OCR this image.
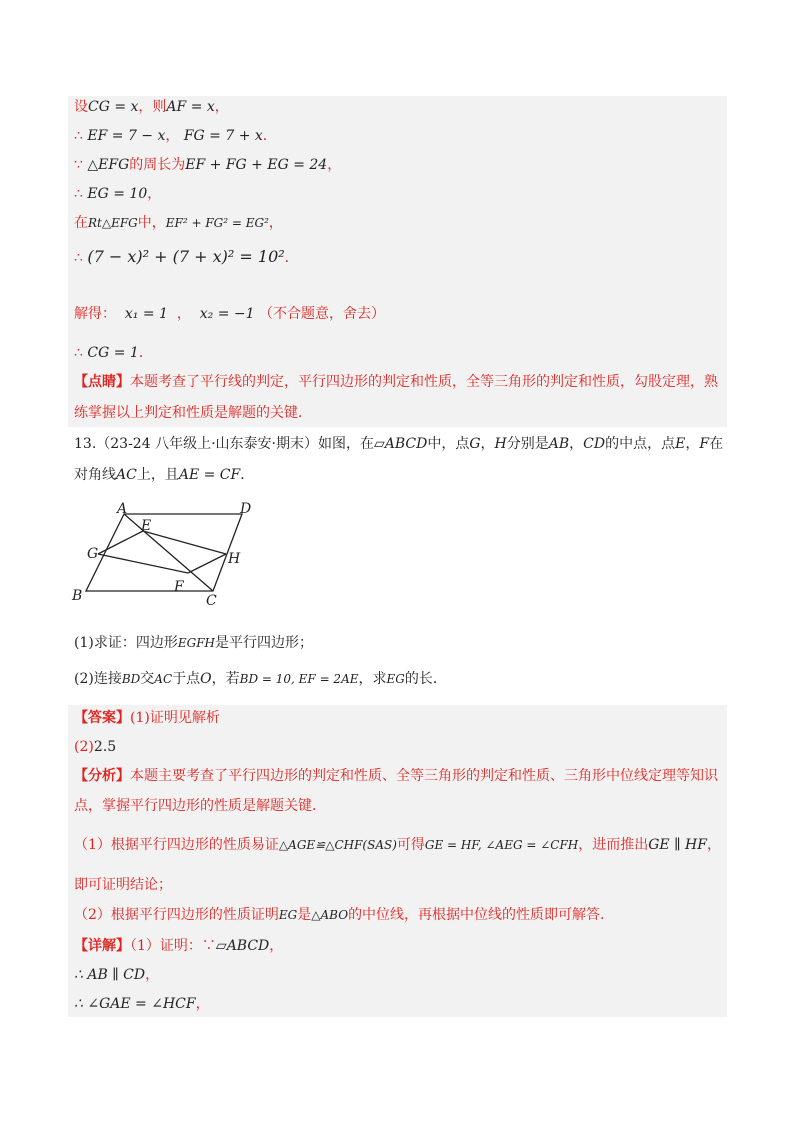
设CG = x，则AF = x，
∴ EF = 7 − x， FG = 7 + x．
∵ △EFG的周长为EF + FG + EG = 24，
∴ EG = 10，
在Rt△EFG中，EF² + FG² = EG²，
∴ (7 − x)² + (7 + x)² = 10²．
解得： x₁ = 1 ， x₂ = −1 （不合题意，舍去）
∴ CG = 1．
【点睛】本题考查了平行线的判定，平行四边形的判定和性质，全等三角形的判定和性质，勾股定理，熟
练掌握以上判定和性质是解题的关键．
13.（23-24 八年级上·山东泰安·期末）如图，在▱ABCD中，点G，H分别是AB，CD的中点，点E，F在
对角线AC上，且AE = CF．
A	D
E
G	H
F
B	C
(1)求证：四边形EGFH是平行四边形；
(2)连接BD交AC于点O，若BD = 10, EF = 2AE，求EG的长．
【答案】(1)证明见解析
(2)2.5
【分析】本题主要考查了平行四边形的判定和性质、全等三角形的判定和性质、三角形中位线定理等知识
点，掌握平行四边形的性质是解题关键．
（1）根据平行四边形的性质易证△AGE≌△CHF(SAS)可得GE = HF, ∠AEG = ∠CFH，进而推出GE ∥ HF，
即可证明结论；
（2）根据平行四边形的性质证明EG是△ABO的中位线，再根据中位线的性质即可解答．
【详解】（1）证明：∵▱ABCD，
∴ AB ∥ CD，
∴ ∠GAE = ∠HCF，
